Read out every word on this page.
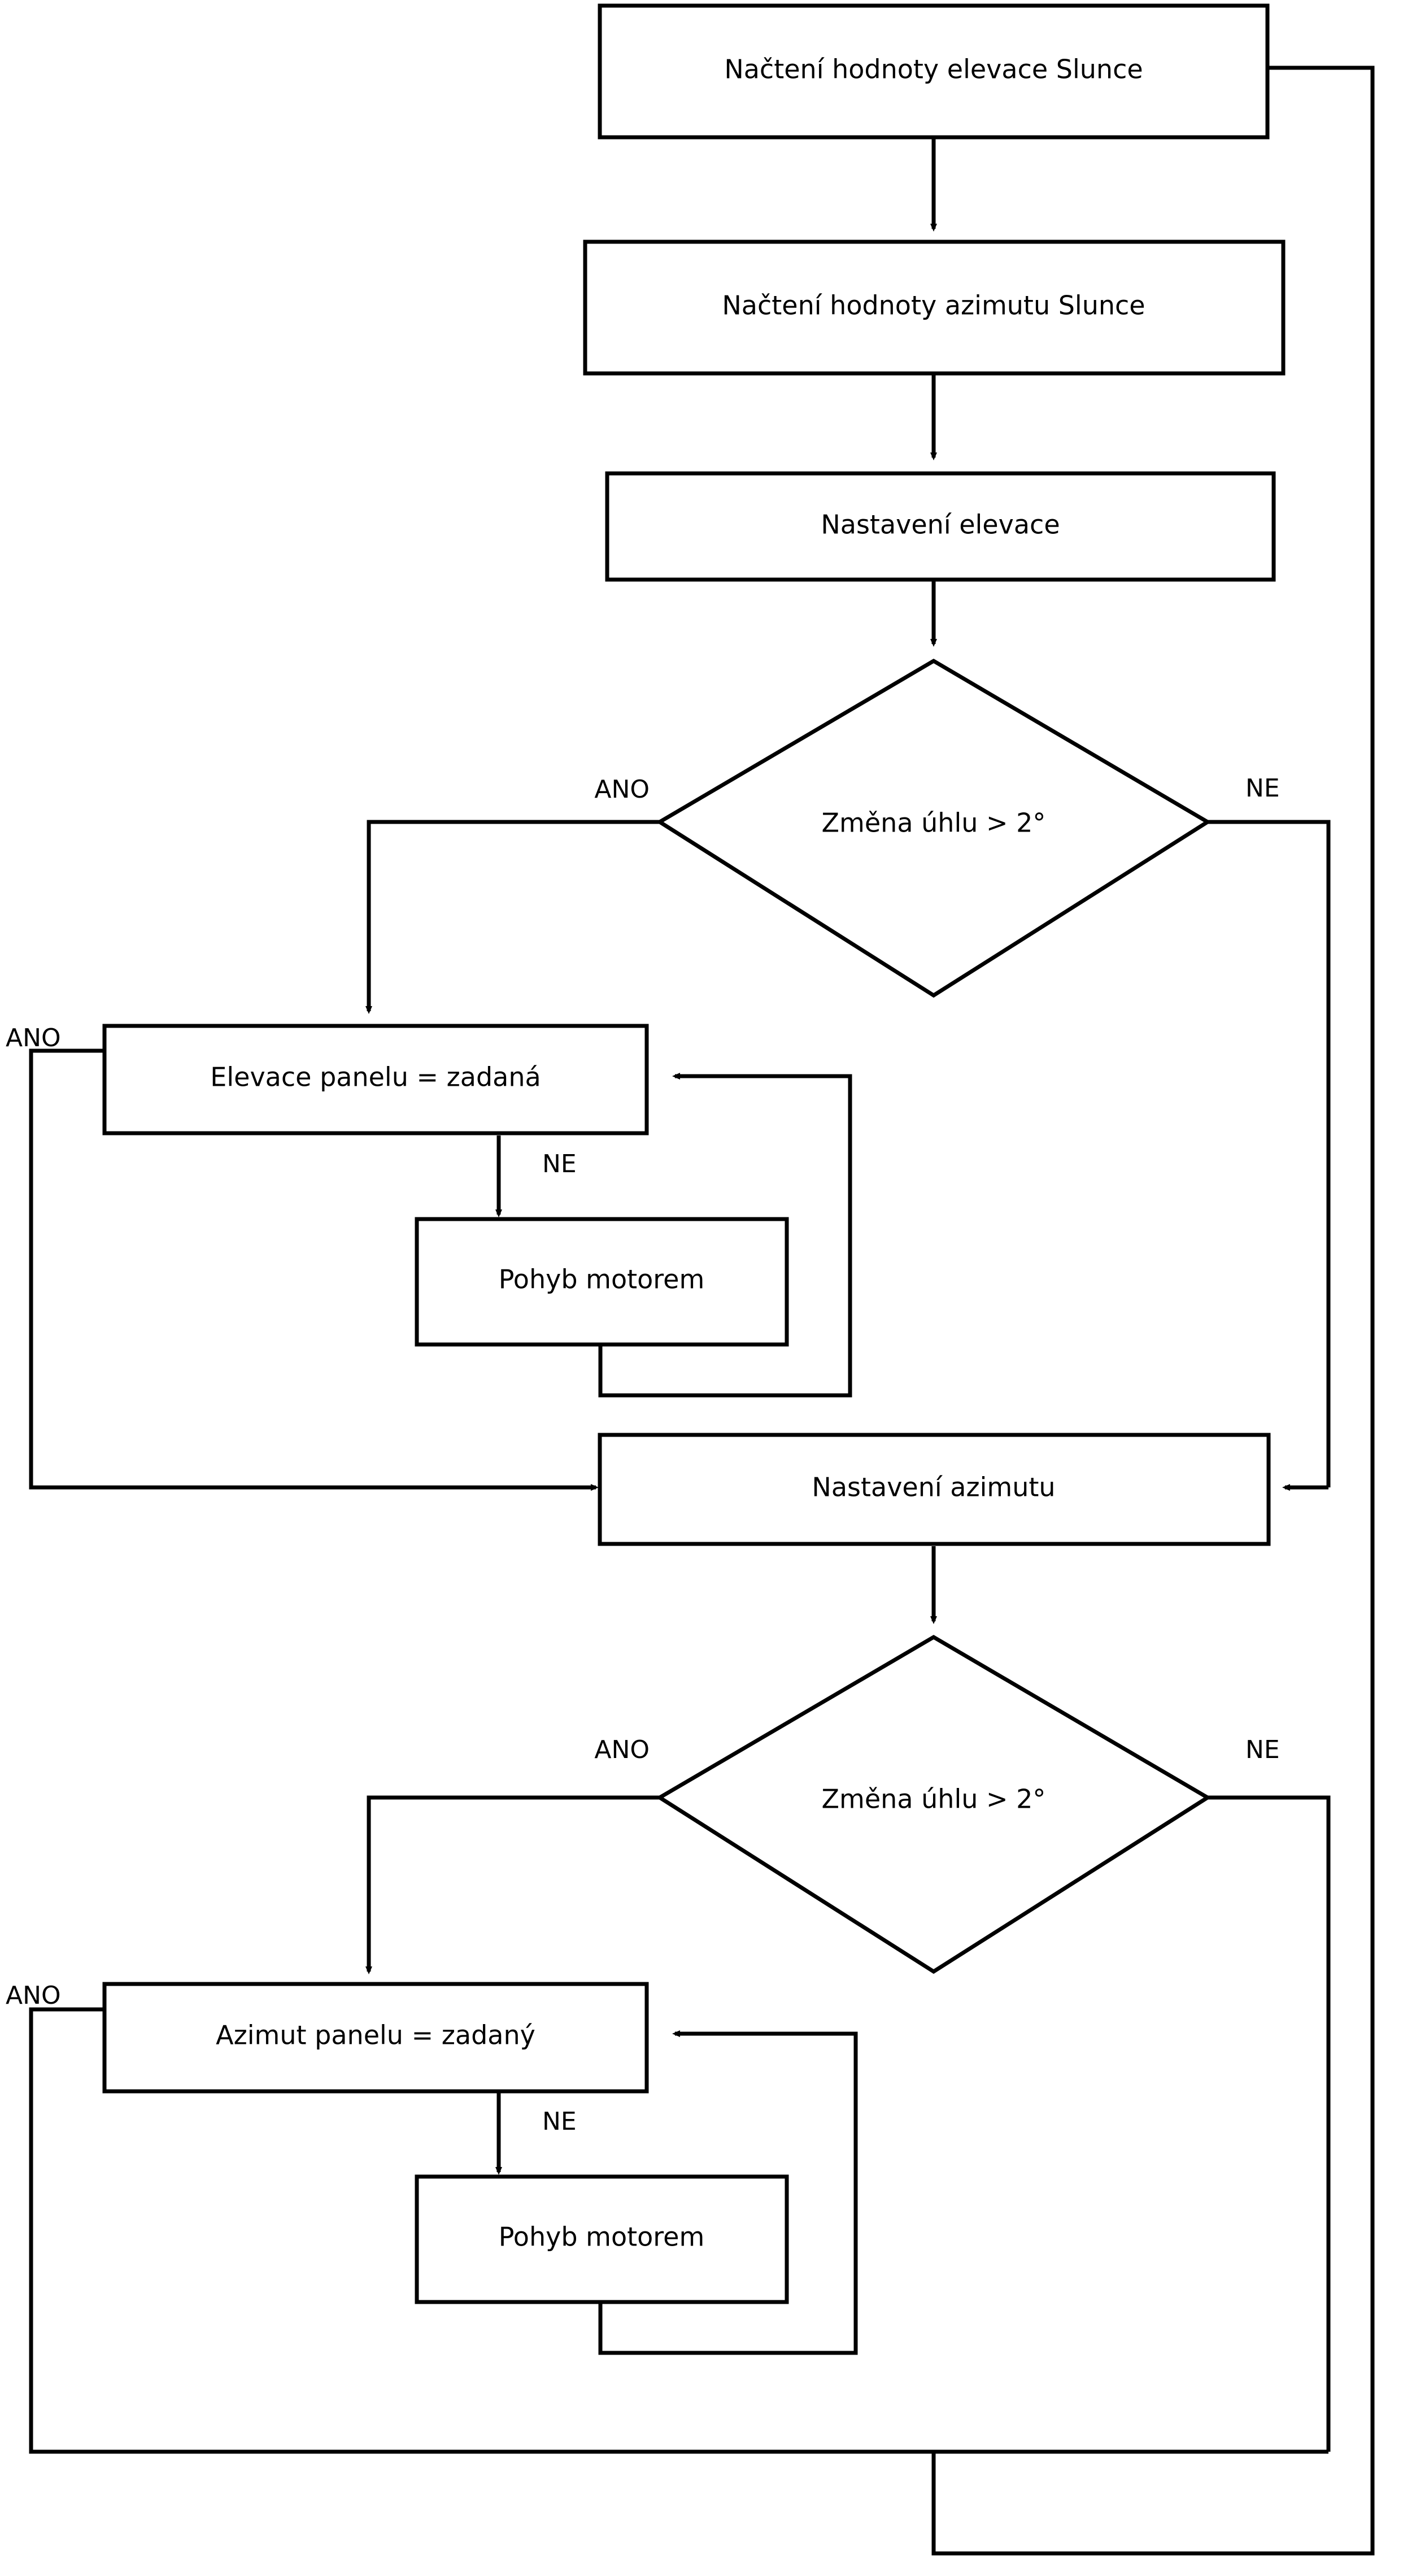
Načtení hodnoty elevace Slunce
Načtení hodnoty azimutu Slunce
Nastavení elevace
Změna úhlu > 2°
Elevace panelu = zadaná
Pohyb motorem
Nastavení azimutu
Změna úhlu > 2°
Azimut panelu = zadaný
Pohyb motorem
ANO	NE
ANO
NE
ANO	NE
ANO
NE
